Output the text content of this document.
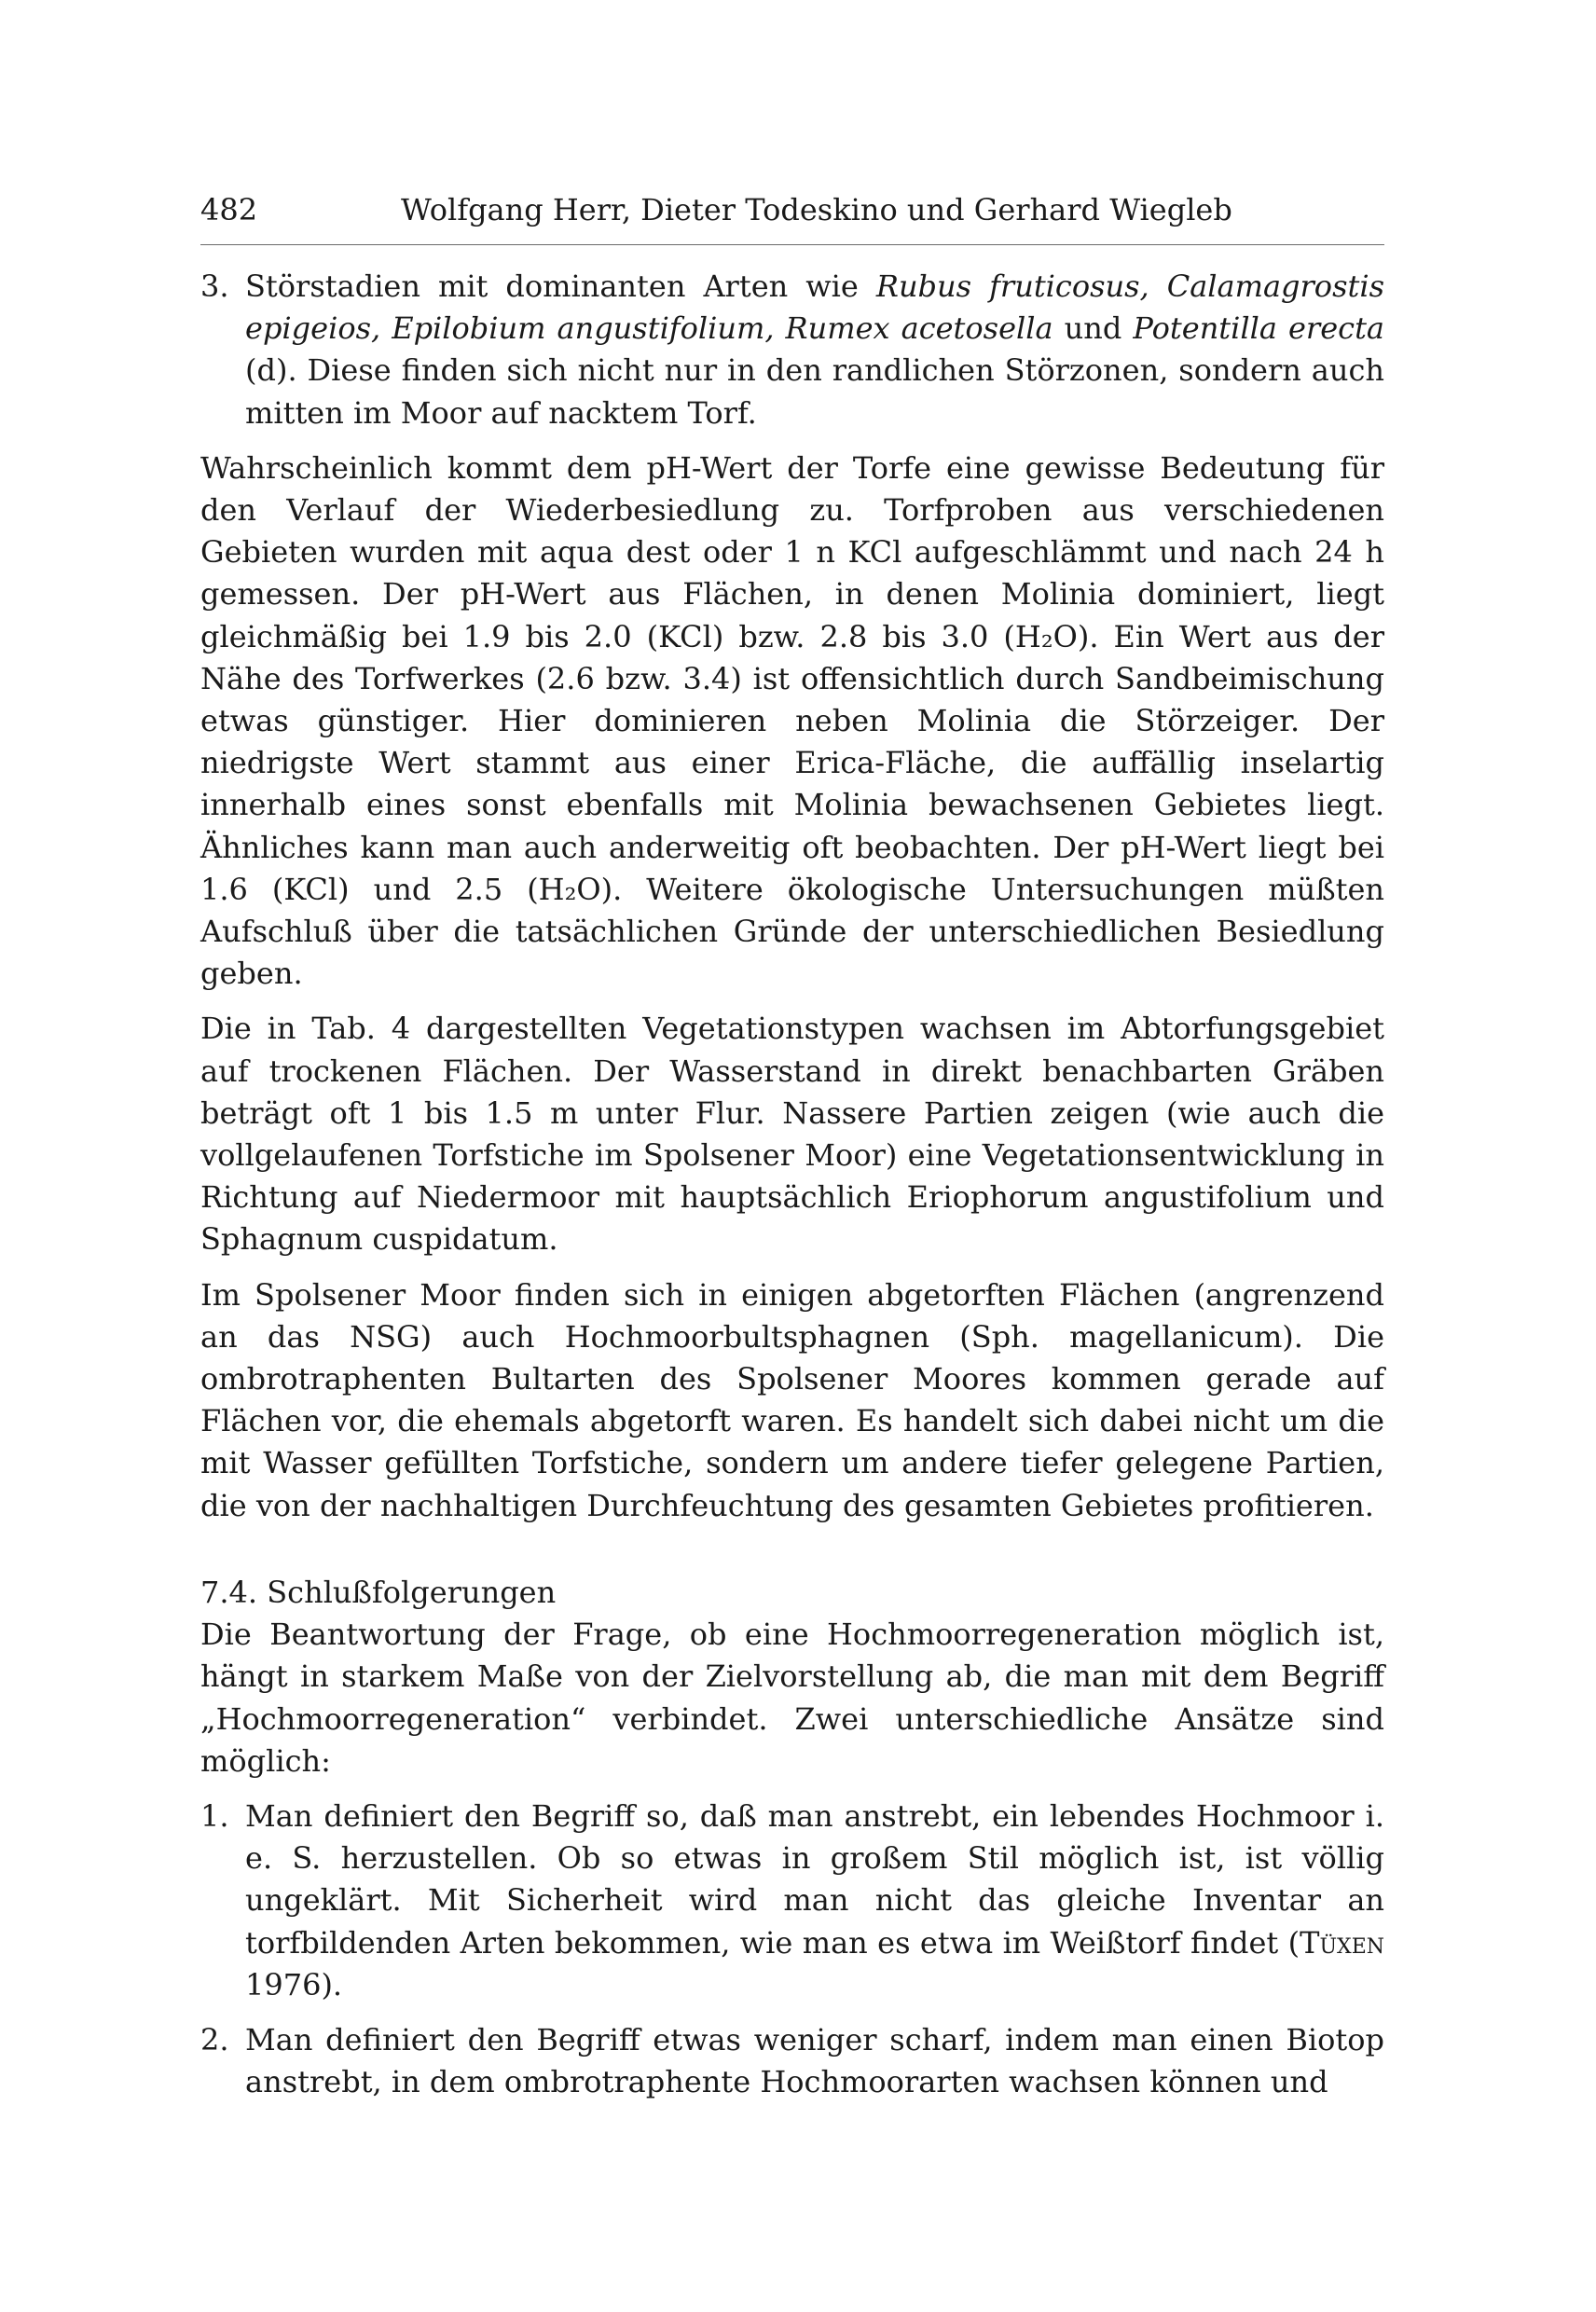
482	Wolfgang Herr, Dieter Todeskino und Gerhard Wiegleb
3. Störstadien mit dominanten Arten wie Rubus fruticosus, Calamagrostis epigeios, Epilobium angustifolium, Rumex acetosella und Potentilla erecta (d). Diese finden sich nicht nur in den randlichen Störzonen, sondern auch mitten im Moor auf nacktem Torf.

Wahrscheinlich kommt dem pH-Wert der Torfe eine gewisse Bedeutung für den Verlauf der Wiederbesiedlung zu. Torfproben aus verschiedenen Gebieten wurden mit aqua dest oder 1 n KCl aufgeschlämmt und nach 24 h gemessen. Der pH-Wert aus Flächen, in denen Molinia dominiert, liegt gleichmäßig bei 1.9 bis 2.0 (KCl) bzw. 2.8 bis 3.0 (H₂O). Ein Wert aus der Nähe des Torfwerkes (2.6 bzw. 3.4) ist offensichtlich durch Sandbeimischung etwas günstiger. Hier dominieren neben Molinia die Störzeiger. Der niedrigste Wert stammt aus einer Erica-Fläche, die auffällig inselartig innerhalb eines sonst ebenfalls mit Molinia bewachsenen Gebietes liegt. Ähnliches kann man auch anderweitig oft beobachten. Der pH-Wert liegt bei 1.6 (KCl) und 2.5 (H₂O). Weitere ökologische Untersuchungen müßten Aufschluß über die tatsächlichen Gründe der unterschiedlichen Besiedlung geben.

Die in Tab. 4 dargestellten Vegetationstypen wachsen im Abtorfungsgebiet auf trockenen Flächen. Der Wasserstand in direkt benachbarten Gräben beträgt oft 1 bis 1.5 m unter Flur. Nassere Partien zeigen (wie auch die vollgelaufenen Torfstiche im Spolsener Moor) eine Vegetationsentwicklung in Richtung auf Niedermoor mit hauptsächlich Eriophorum angustifolium und Sphagnum cuspidatum.

Im Spolsener Moor finden sich in einigen abgetorften Flächen (angrenzend an das NSG) auch Hochmoorbultsphagnen (Sph. magellanicum). Die ombrotraphenten Bultarten des Spolsener Moores kommen gerade auf Flächen vor, die ehemals abgetorft waren. Es handelt sich dabei nicht um die mit Wasser gefüllten Torfstiche, sondern um andere tiefer gelegene Partien, die von der nachhaltigen Durchfeuchtung des gesamten Gebietes profitieren.

7.4. Schlußfolgerungen

Die Beantwortung der Frage, ob eine Hochmoorregeneration möglich ist, hängt in starkem Maße von der Zielvorstellung ab, die man mit dem Begriff „Hochmoorregeneration“ verbindet. Zwei unterschiedliche Ansätze sind möglich:

1. Man definiert den Begriff so, daß man anstrebt, ein lebendes Hochmoor i. e. S. herzustellen. Ob so etwas in großem Stil möglich ist, ist völlig ungeklärt. Mit Sicherheit wird man nicht das gleiche Inventar an torfbildenden Arten bekommen, wie man es etwa im Weißtorf findet (Tüxen 1976).

2. Man definiert den Begriff etwas weniger scharf, indem man einen Biotop anstrebt, in dem ombrotraphente Hochmoorarten wachsen können und
